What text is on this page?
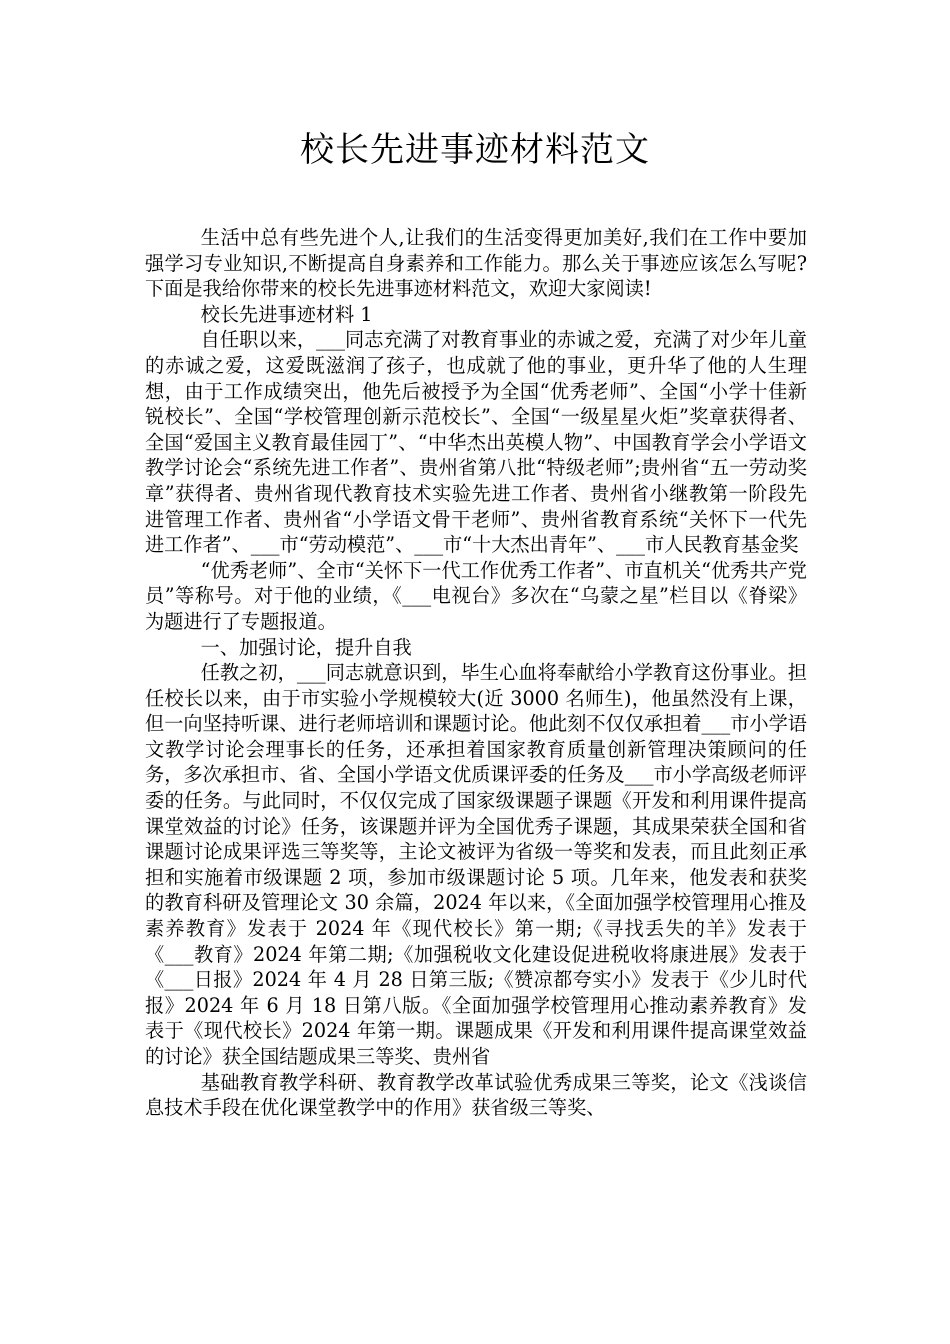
校长先进事迹材料范文

生活中总有些先进个人,让我们的生活变得更加美好,我们在工作中要加强学习专业知识,不断提高自身素养和工作能力。那么关于事迹应该怎么写呢?下面是我给你带来的校长先进事迹材料范文，欢迎大家阅读!

校长先进事迹材料 1

自任职以来，___同志充满了对教育事业的赤诚之爱，充满了对少年儿童的赤诚之爱，这爱既滋润了孩子，也成就了他的事业，更升华了他的人生理想，由于工作成绩突出，他先后被授予为全国“优秀老师”、全国“小学十佳新锐校长”、全国“学校管理创新示范校长”、全国“一级星星火炬”奖章获得者、全国“爱国主义教育最佳园丁”、“中华杰出英模人物”、中国教育学会小学语文教学讨论会“系统先进工作者”、贵州省第八批“特级老师”;贵州省“五一劳动奖章”获得者、贵州省现代教育技术实验先进工作者、贵州省小继教第一阶段先进管理工作者、贵州省“小学语文骨干老师”、贵州省教育系统“关怀下一代先进工作者”、___市“劳动模范”、___市“十大杰出青年”、___市人民教育基金奖

“优秀老师”、全市“关怀下一代工作优秀工作者”、市直机关“优秀共产党员”等称号。对于他的业绩，《___电视台》多次在“乌蒙之星”栏目以《脊梁》为题进行了专题报道。

一、加强讨论，提升自我

任教之初，___同志就意识到，毕生心血将奉献给小学教育这份事业。担任校长以来，由于市实验小学规模较大(近 3000 名师生)，他虽然没有上课，但一向坚持听课、进行老师培训和课题讨论。他此刻不仅仅承担着___市小学语文教学讨论会理事长的任务，还承担着国家教育质量创新管理决策顾问的任务，多次承担市、省、全国小学语文优质课评委的任务及___市小学高级老师评委的任务。与此同时，不仅仅完成了国家级课题子课题《开发和利用课件提高课堂效益的讨论》任务，该课题并评为全国优秀子课题，其成果荣获全国和省课题讨论成果评选三等奖等，主论文被评为省级一等奖和发表，而且此刻正承担和实施着市级课题 2 项，参加市级课题讨论 5 项。几年来，他发表和获奖的教育科研及管理论文 30 余篇，2024 年以来，《全面加强学校管理用心推及素养教育》发表于 2024 年《现代校长》第一期;《寻找丢失的羊》发表于《___教育》2024 年第二期;《加强税收文化建设促进税收将康进展》发表于《___日报》2024 年 4 月 28 日第三版;《赞凉都夸实小》发表于《少儿时代报》2024 年 6 月 18 日第八版。《全面加强学校管理用心推动素养教育》发表于《现代校长》2024 年第一期。课题成果《开发和利用课件提高课堂效益的讨论》获全国结题成果三等奖、贵州省

基础教育教学科研、教育教学改革试验优秀成果三等奖，论文《浅谈信息技术手段在优化课堂教学中的作用》获省级三等奖、
